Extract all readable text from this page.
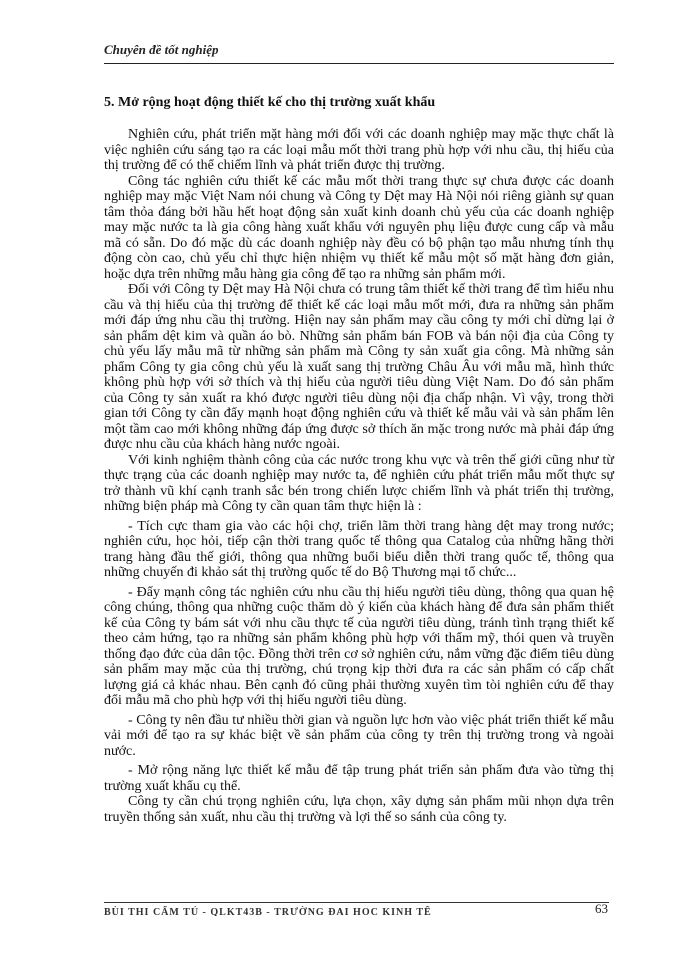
Chuyên đề tốt nghiệp
5. Mở rộng hoạt động thiết kế cho thị trường xuất khẩu

Nghiên cứu, phát triển mặt hàng mới đối với các doanh nghiệp may mặc thực chất là việc nghiên cứu sáng tạo ra các loại mẫu mốt thời trang phù hợp với nhu cầu, thị hiếu của thị trường để có thể chiếm lĩnh và phát triển được thị trường.

Công tác nghiên cứu thiết kế các mẫu mốt thời trang thực sự chưa được các doanh nghiệp may mặc Việt Nam nói chung và Công ty Dệt may Hà Nội nói riêng giành sự quan tâm thỏa đáng bởi hầu hết hoạt động sản xuất kinh doanh chủ yếu của các doanh nghiệp may mặc nước ta là gia công hàng xuất khẩu với nguyên phụ liệu được cung cấp và mẫu mã có sẵn. Do đó mặc dù các doanh nghiệp này đều có bộ phận tạo mẫu nhưng tính thụ động còn cao, chủ yếu chỉ thực hiện nhiệm vụ thiết kế mẫu một số mặt hàng đơn giản, hoặc dựa trên những mẫu hàng gia công để tạo ra những sản phẩm mới.

Đối với Công ty Dệt may Hà Nội chưa có trung tâm thiết kế thời trang để tìm hiểu nhu cầu và thị hiếu của thị trường để thiết kế các loại mẫu mốt mới, đưa ra những sản phẩm mới đáp ứng nhu cầu thị trường. Hiện nay sản phẩm may cầu công ty mới chỉ dừng lại ở sản phẩm dệt kim và quần áo bò. Những sản phẩm bán FOB và bán nội địa của Công ty chủ yếu lấy mẫu mã từ những sản phẩm mà Công ty sản xuất gia công. Mà những sản phẩm Công ty gia công chủ yếu là xuất sang thị trường Châu Âu với mẫu mã, hình thức không phù hợp với sở thích và thị hiếu của người tiêu dùng Việt Nam. Do đó sản phẩm của Công ty sản xuất ra khó được người tiêu dùng nội địa chấp nhận. Vì vậy, trong thời gian tới Công ty cần đẩy mạnh hoạt động nghiên cứu và thiết kế mẫu vải và sản phẩm lên một tầm cao mới không những đáp ứng được sở thích ăn mặc trong nước mà phải đáp ứng được nhu cầu của khách hàng nước ngoài.

Với kinh nghiệm thành công của các nước trong khu vực và trên thế giới cũng như từ thực trạng của các doanh nghiệp may nước ta, để nghiên cứu phát triển mẫu mốt thực sự trở thành vũ khí cạnh tranh sắc bén trong chiến lược chiếm lĩnh và phát triển thị trường, những biện pháp mà Công ty cần quan tâm thực hiện là :

- Tích cực tham gia vào các hội chợ, triển lãm thời trang hàng dệt may trong nước; nghiên cứu, học hỏi, tiếp cận thời trang quốc tế thông qua Catalog của những hãng thời trang hàng đầu thế giới, thông qua những buổi biểu diễn thời trang quốc tế, thông qua những chuyến đi khảo sát thị trường quốc tế do Bộ Thương mại tổ chức...

- Đẩy mạnh công tác nghiên cứu nhu cầu thị hiếu người tiêu dùng, thông qua quan hệ công chúng, thông qua những cuộc thăm dò ý kiến của khách hàng để đưa sản phẩm thiết kế của Công ty bám sát với nhu cầu thực tế của người tiêu dùng, tránh tình trạng thiết kế theo cảm hứng, tạo ra những sản phẩm không phù hợp với thẩm mỹ, thói quen và truyền thống đạo đức của dân tộc. Đồng thời trên cơ sở nghiên cứu, nắm vững đặc điểm tiêu dùng sản phẩm may mặc của thị trường, chú trọng kịp thời đưa ra các sản phẩm có cấp chất lượng giá cả khác nhau. Bên cạnh đó cũng phải thường xuyên tìm tòi nghiên cứu để thay đổi mẫu mã cho phù hợp với thị hiếu người tiêu dùng.

- Công ty nên đầu tư nhiều thời gian và nguồn lực hơn vào việc phát triển thiết kế mẫu vải mới để tạo ra sự khác biệt về sản phẩm của công ty trên thị trường trong và ngoài nước.

- Mở rộng năng lực thiết kế mẫu để tập trung phát triển sản phẩm đưa vào từng thị trường xuất khẩu cụ thể.

Công ty cần chú trọng nghiên cứu, lựa chọn, xây dựng sản phẩm mũi nhọn dựa trên truyền thống sản xuất, nhu cầu thị trường và lợi thế so sánh của công ty.

BÙI THỊ CẨM TÚ - QLKT43B - TRƯỜNG ĐẠI HỌC KINH TẾ	63
